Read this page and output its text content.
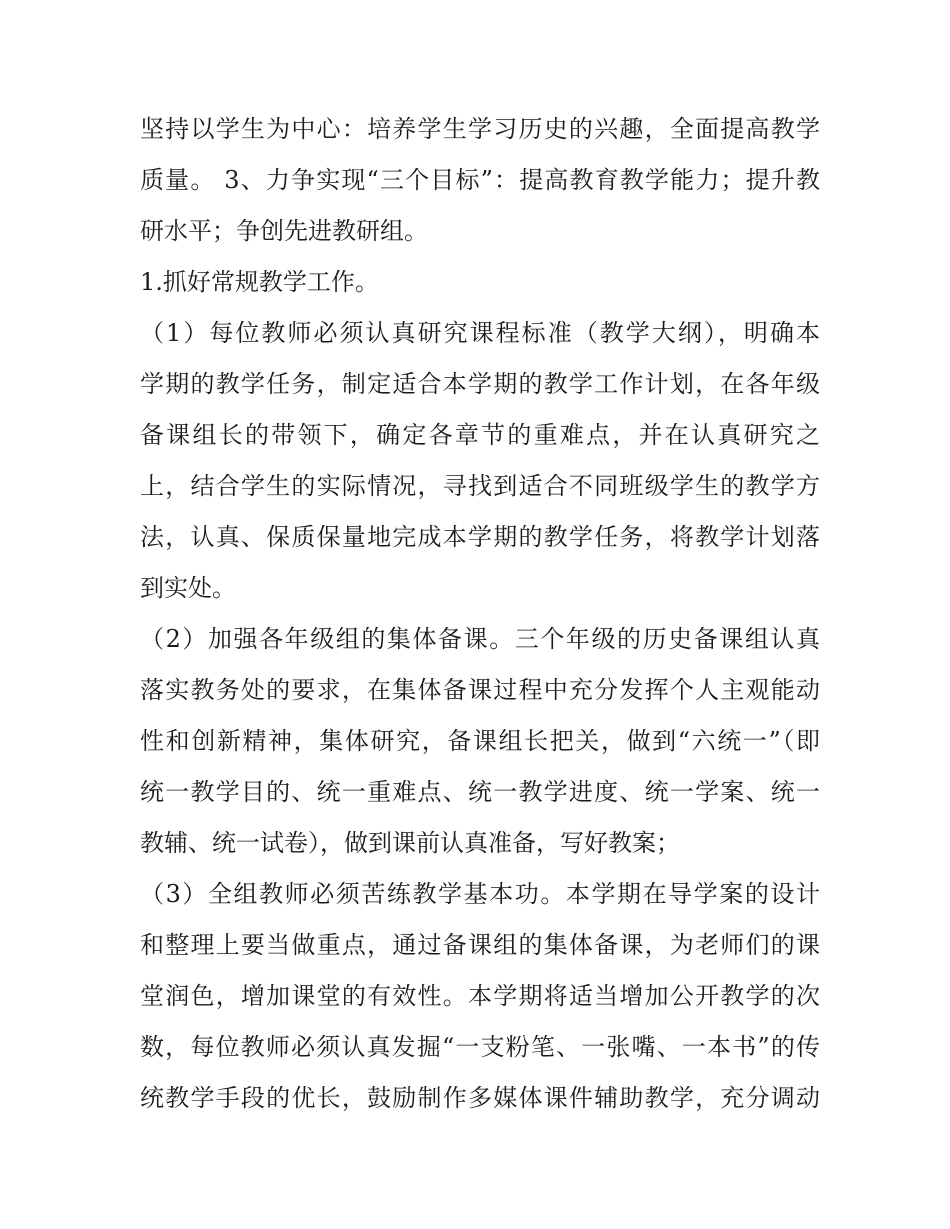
坚持以学生为中心：培养学生学习历史的兴趣，全面提高教学
质量。 3、力争实现“三个目标”：提高教育教学能力；提升教
研水平；争创先进教研组。
1.抓好常规教学工作。
（1）每位教师必须认真研究课程标准（教学大纲），明确本
学期的教学任务，制定适合本学期的教学工作计划，在各年级
备课组长的带领下，确定各章节的重难点，并在认真研究之
上，结合学生的实际情况，寻找到适合不同班级学生的教学方
法，认真、保质保量地完成本学期的教学任务，将教学计划落
到实处。
（2）加强各年级组的集体备课。三个年级的历史备课组认真
落实教务处的要求，在集体备课过程中充分发挥个人主观能动
性和创新精神，集体研究，备课组长把关，做到“六统一”（即
统一教学目的、统一重难点、统一教学进度、统一学案、统一
教辅、统一试卷），做到课前认真准备，写好教案；
（3）全组教师必须苦练教学基本功。本学期在导学案的设计
和整理上要当做重点，通过备课组的集体备课，为老师们的课
堂润色，增加课堂的有效性。本学期将适当增加公开教学的次
数，每位教师必须认真发掘“一支粉笔、一张嘴、一本书”的传
统教学手段的优长，鼓励制作多媒体课件辅助教学，充分调动
